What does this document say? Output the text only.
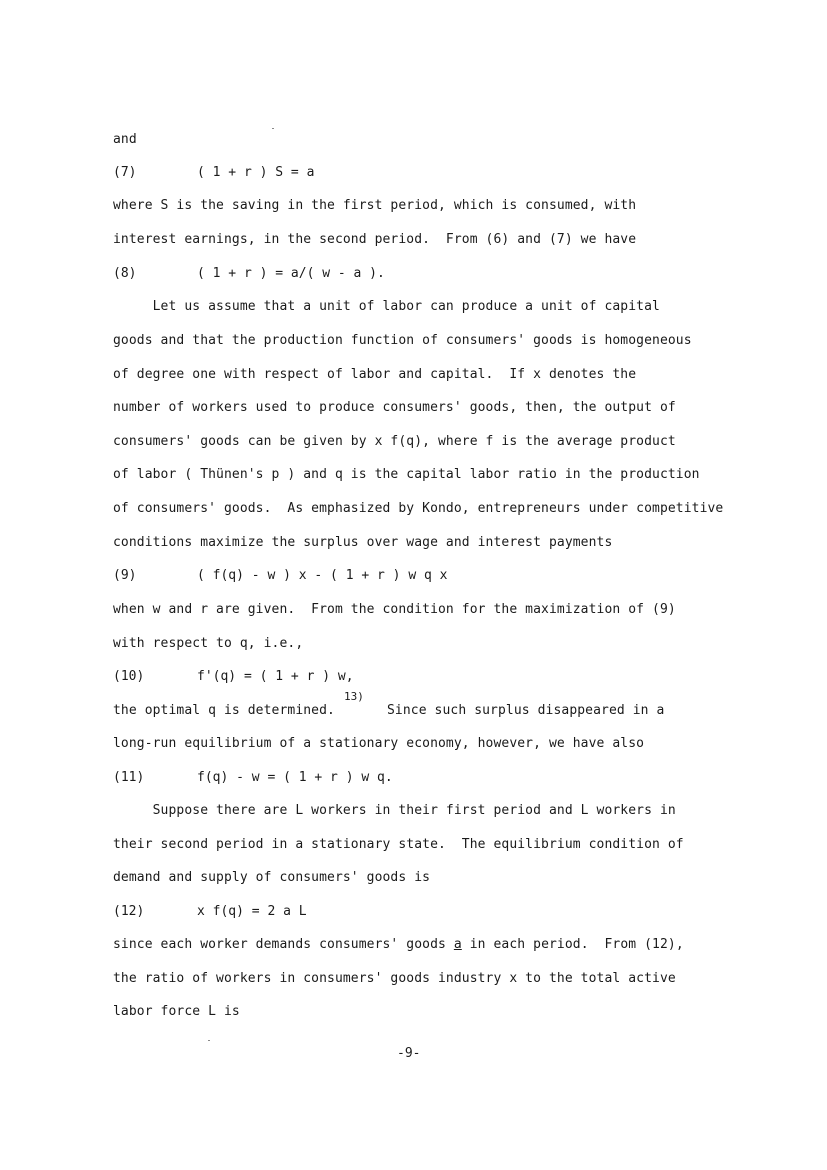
and
(7)	( 1 + r ) S = a
where S is the saving in the first period, which is consumed, with
interest earnings, in the second period.  From (6) and (7) we have
(8)	( 1 + r ) = a/( w - a ).
Let us assume that a unit of labor can produce a unit of capital
goods and that the production function of consumers' goods is homogeneous
of degree one with respect of labor and capital.  If x denotes the
number of workers used to produce consumers' goods, then, the output of
consumers' goods can be given by x f(q), where f is the average product
of labor ( Thünen's p ) and q is the capital labor ratio in the production
of consumers' goods.  As emphasized by Kondo, entrepreneurs under competitive
conditions maximize the surplus over wage and interest payments
(9)	( f(q) - w ) x - ( 1 + r ) w q x
when w and r are given.  From the condition for the maximization of (9)
with respect to q, i.e.,
(10)	f'(q) = ( 1 + r ) w,
the optimal q is determined.
13)
Since such surplus disappeared in a
long-run equilibrium of a stationary economy, however, we have also
(11)	f(q) - w = ( 1 + r ) w q.
Suppose there are L workers in their first period and L workers in
their second period in a stationary state.  The equilibrium condition of
demand and supply of consumers' goods is
(12)	x f(q) = 2 a L
since each worker demands consumers' goods a in each period.  From (12),
the ratio of workers in consumers' goods industry x to the total active
labor force L is
-9-
